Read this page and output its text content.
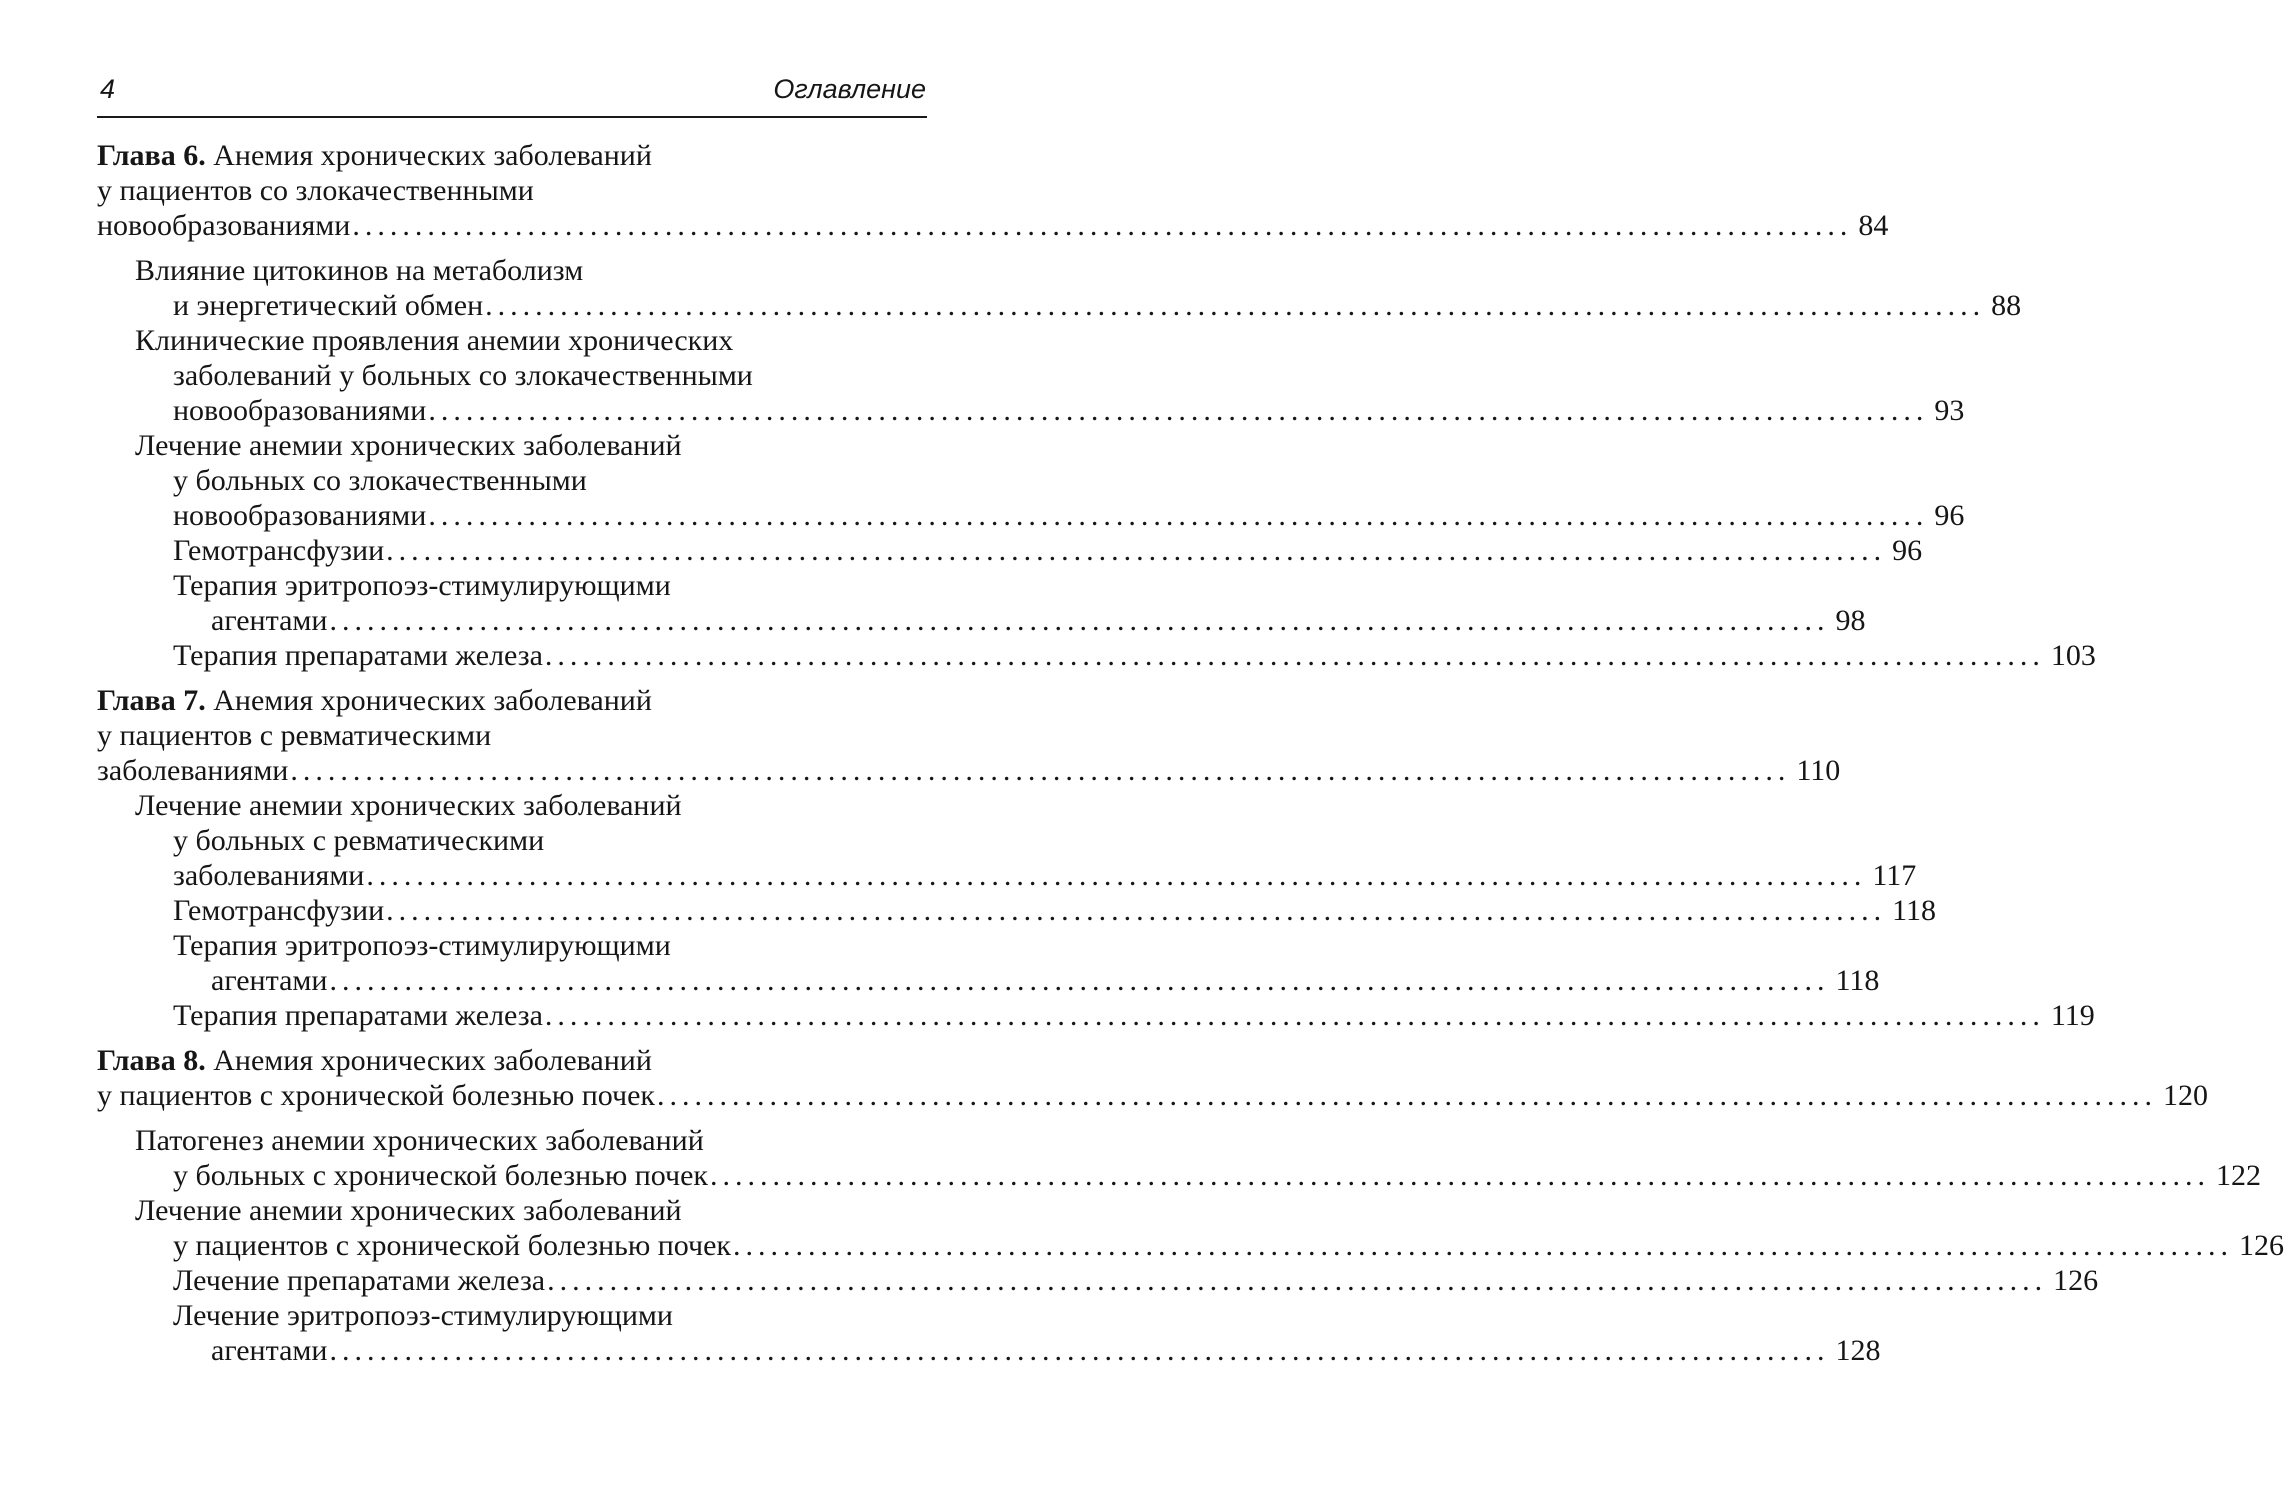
4	Оглавление
Глава 6. Анемия хронических заболеваний
у пациентов со злокачественными
новообразованиями ........................................................................................................................ 84
Влияние цитокинов на метаболизм
и энергетический обмен ........................................................................................................................ 88
Клинические проявления анемии хронических
заболеваний у больных со злокачественными
новообразованиями ........................................................................................................................ 93
Лечение анемии хронических заболеваний
у больных со злокачественными
новообразованиями ........................................................................................................................ 96
Гемотрансфузии ........................................................................................................................ 96
Терапия эритропоэз-стимулирующими
агентами ........................................................................................................................ 98
Терапия препаратами железа ........................................................................................................................ 103
Глава 7. Анемия хронических заболеваний
у пациентов с ревматическими
заболеваниями ........................................................................................................................ 110
Лечение анемии хронических заболеваний
у больных с ревматическими
заболеваниями ........................................................................................................................ 117
Гемотрансфузии ........................................................................................................................ 118
Терапия эритропоэз-стимулирующими
агентами ........................................................................................................................ 118
Терапия препаратами железа ........................................................................................................................ 119
Глава 8. Анемия хронических заболеваний
у пациентов с хронической болезнью почек ........................................................................................................................ 120
Патогенез анемии хронических заболеваний
у больных с хронической болезнью почек ........................................................................................................................ 122
Лечение анемии хронических заболеваний
у пациентов с хронической болезнью почек ........................................................................................................................ 126
Лечение препаратами железа ........................................................................................................................ 126
Лечение эритропоэз-стимулирующими
агентами ........................................................................................................................ 128
